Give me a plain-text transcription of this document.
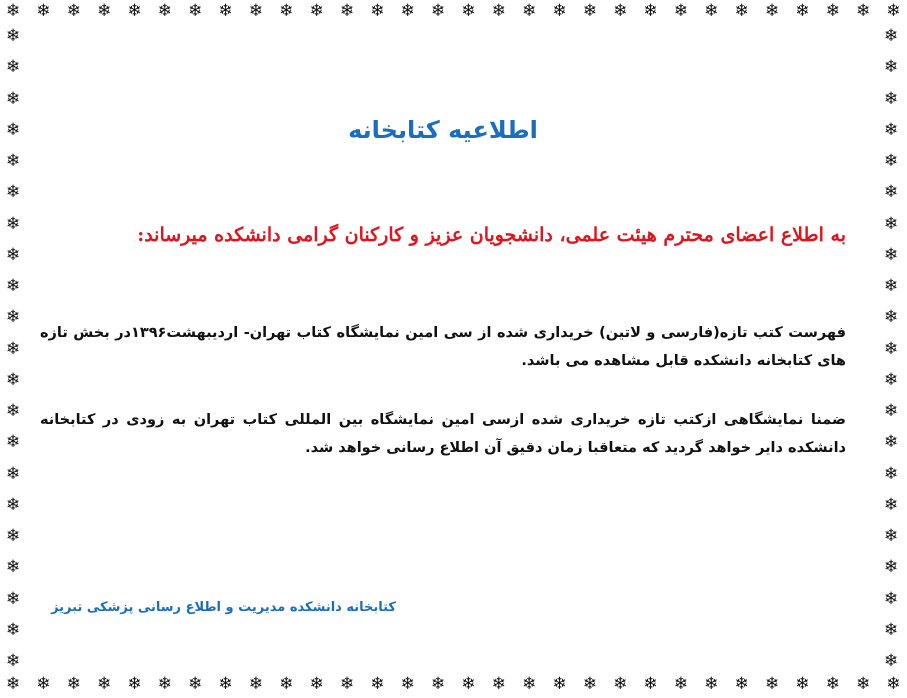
❄ ❄ ❄ ❄ ❄ ❄ ❄ ❄ ❄ ❄ ❄ ❄ ❄ ❄ ❄ ❄ ❄ ❄ ❄ ❄ ❄ ❄ ❄ ❄ ❄ ❄ ❄ ❄ ❄ ❄
❄ ❄ ❄ ❄ ❄ ❄ ❄ ❄ ❄ ❄ ❄ ❄ ❄ ❄ ❄ ❄ ❄ ❄ ❄ ❄ ❄ ❄ ❄ ❄ ❄ ❄ ❄ ❄ ❄ ❄
❄
❄
❄
❄
❄
❄
❄
❄
❄
❄
❄
❄
❄
❄
❄
❄
❄
❄
❄
❄
❄
❄
❄
❄
❄
❄
❄
❄
❄
❄
❄
❄
❄
❄
❄
❄
❄
❄
❄
❄
❄
❄
اطلاعیه کتابخانه
به اطلاع اعضای محترم هیئت علمی، دانشجویان عزیز و کارکنان گرامی دانشکده میرساند:
فهرست کتب تازه(فارسی و لاتین) خریداری شده از سی امین نمایشگاه کتاب تهران- اردیبهشت۱۳۹۶در بخش تازه های کتابخانه دانشکده قابل مشاهده می باشد.
ضمنا نمایشگاهی ازکتب تازه خریداری شده ازسی امین نمایشگاه بین المللی کتاب تهران به زودی در کتابخانه دانشکده دایر خواهد گردید که متعاقبا زمان دقیق آن اطلاع رسانی خواهد شد.
کتابخانه دانشکده مدیریت و اطلاع رسانی پزشکی تبریز
